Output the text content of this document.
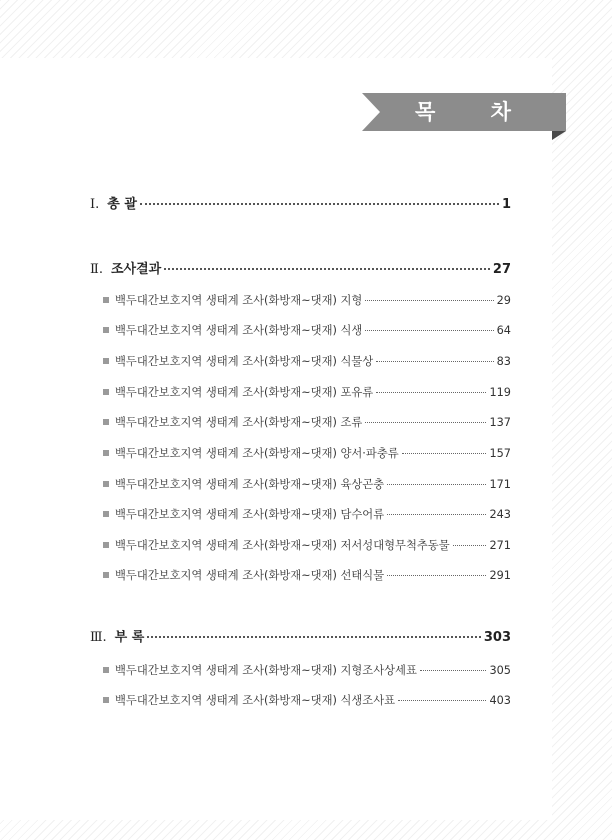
목 차
Ⅰ. 총 괄	1
Ⅱ. 조사결과	27
백두대간보호지역 생태계 조사(화방재~댓재) 지형	29
백두대간보호지역 생태계 조사(화방재~댓재) 식생	64
백두대간보호지역 생태계 조사(화방재~댓재) 식물상	83
백두대간보호지역 생태계 조사(화방재~댓재) 포유류	119
백두대간보호지역 생태계 조사(화방재~댓재) 조류	137
백두대간보호지역 생태계 조사(화방재~댓재) 양서·파충류	157
백두대간보호지역 생태계 조사(화방재~댓재) 육상곤충	171
백두대간보호지역 생태계 조사(화방재~댓재) 담수어류	243
백두대간보호지역 생태계 조사(화방재~댓재) 저서성대형무척추동물	271
백두대간보호지역 생태계 조사(화방재~댓재) 선태식물	291
Ⅲ. 부 록	303
백두대간보호지역 생태계 조사(화방재~댓재) 지형조사상세표	305
백두대간보호지역 생태계 조사(화방재~댓재) 식생조사표	403
